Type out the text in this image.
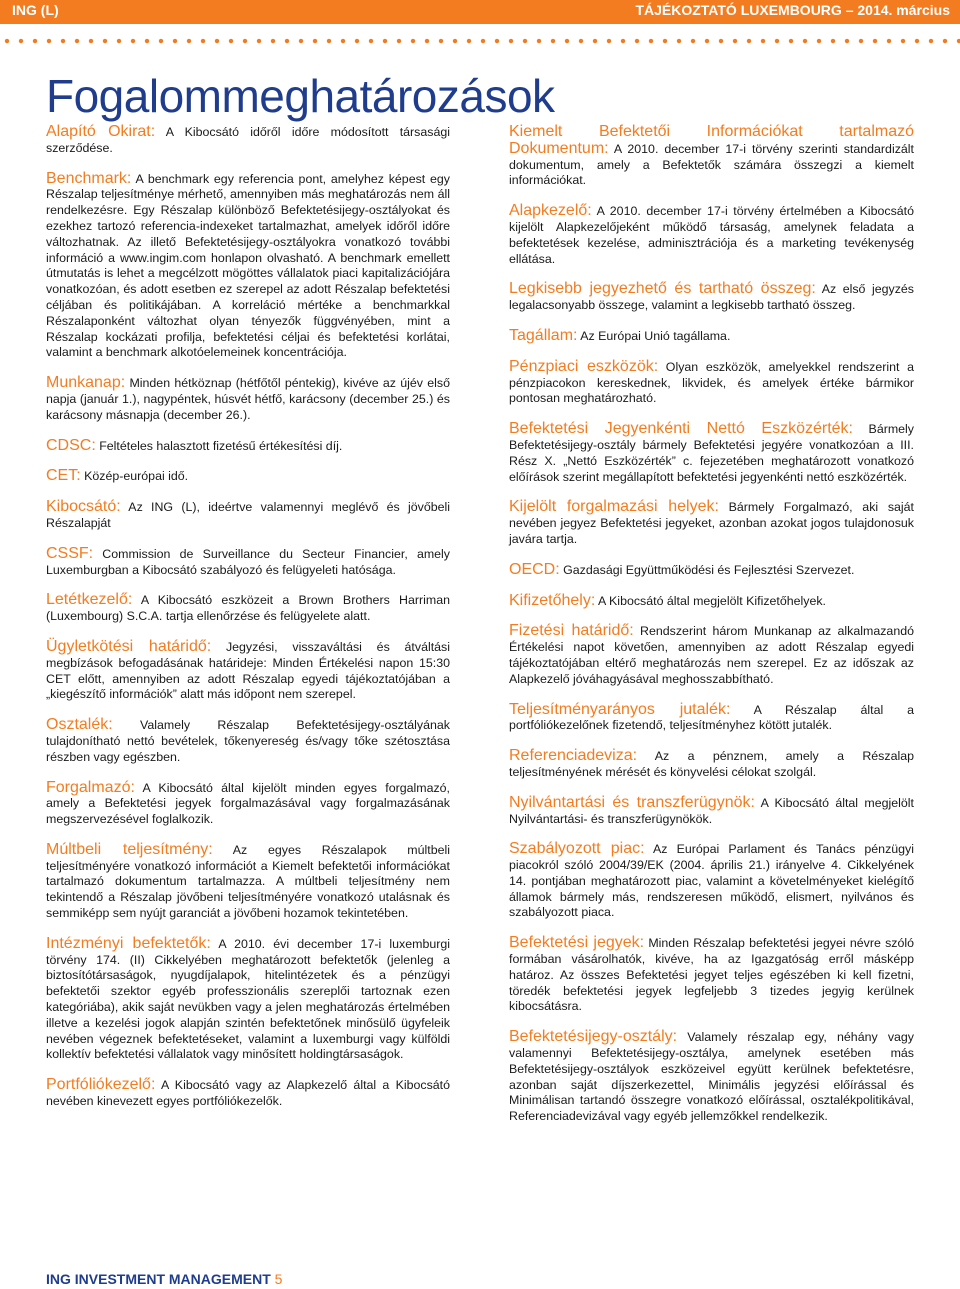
ING (L)	TÁJÉKOZTATÓ LUXEMBOURG – 2014. március
Fogalommeghatározások

Alapító Okirat: A Kibocsátó időről időre módosított társasági szerződése.

Benchmark: A benchmark egy referencia pont, amelyhez képest egy Részalap teljesítménye mérhető, amennyiben más meghatározás nem áll rendelkezésre. Egy Részalap különböző Befektetésijegy-osztályokat és ezekhez tartozó referencia-indexeket tartalmazhat, amelyek időről időre változhatnak. Az illető Befektetésijegy-osztályokra vonatkozó további információ a www.ingim.com honlapon olvasható. A benchmark emellett útmutatás is lehet a megcélzott mögöttes vállalatok piaci kapitalizációjára vonatkozóan, és adott esetben ez szerepel az adott Részalap befektetési céljában és politikájában. A korreláció mértéke a benchmarkkal Részalaponként változhat olyan tényezők függvényében, mint a Részalap kockázati profilja, befektetési céljai és befektetési korlátai, valamint a benchmark alkotóelemeinek koncentrációja.

Munkanap: Minden hétköznap (hétfőtől péntekig), kivéve az újév első napja (január 1.), nagypéntek, húsvét hétfő, karácsony (december 25.) és karácsony másnapja (december 26.).

CDSC: Feltételes halasztott fizetésű értékesítési díj.

CET: Közép-európai idő.

Kibocsátó: Az ING (L), ideértve valamennyi meglévő és jövőbeli Részalapját

CSSF: Commission de Surveillance du Secteur Financier, amely Luxemburgban a Kibocsátó szabályozó és felügyeleti hatósága.

Letétkezelő: A Kibocsátó eszközeit a Brown Brothers Harriman (Luxembourg) S.C.A. tartja ellenőrzése és felügyelete alatt.

Ügyletkötési határidő: Jegyzési, visszaváltási és átváltási megbízások befogadásának határideje: Minden Értékelési napon 15:30 CET előtt, amennyiben az adott Részalap egyedi tájékoztatójában a „kiegészítő információk” alatt más időpont nem szerepel.

Osztalék: Valamely Részalap Befektetésijegy-osztályának tulajdonítható nettó bevételek, tőkenyereség és/vagy tőke szétosztása részben vagy egészben.

Forgalmazó: A Kibocsátó által kijelölt minden egyes forgalmazó, amely a Befektetési jegyek forgalmazásával vagy forgalmazásának megszervezésével foglalkozik.

Múltbeli teljesítmény: Az egyes Részalapok múltbeli teljesítményére vonatkozó információt a Kiemelt befektetői információkat tartalmazó dokumentum tartalmazza. A múltbeli teljesítmény nem tekintendő a Részalap jövőbeni teljesítményére vonatkozó utalásnak és semmiképp sem nyújt garanciát a jövőbeni hozamok tekintetében.

Intézményi befektetők: A 2010. évi december 17-i luxemburgi törvény 174. (II) Cikkelyében meghatározott befektetők (jelenleg a biztosítótársaságok, nyugdíjalapok, hitelintézetek és a pénzügyi befektetői szektor egyéb professzionális szereplői tartoznak ezen kategóriába), akik saját nevükben vagy a jelen meghatározás értelmében illetve a kezelési jogok alapján szintén befektetőnek minősülő ügyfeleik nevében végeznek befektetéseket, valamint a luxemburgi vagy külföldi kollektív befektetési vállalatok vagy minősített holdingtársaságok.

Portfóliókezelő: A Kibocsátó vagy az Alapkezelő által a Kibocsátó nevében kinevezett egyes portfóliókezelők.

Kiemelt Befektetői Információkat tartalmazó Dokumentum: A 2010. december 17-i törvény szerinti standardizált dokumentum, amely a Befektetők számára összegzi a kiemelt információkat.

Alapkezelő: A 2010. december 17-i törvény értelmében a Kibocsátó kijelölt Alapkezelőjeként működő társaság, amelynek feladata a befektetések kezelése, adminisztrációja és a marketing tevékenység ellátása.

Legkisebb jegyezhető és tartható összeg: Az első jegyzés legalacsonyabb összege, valamint a legkisebb tartható összeg.

Tagállam: Az Európai Unió tagállama.

Pénzpiaci eszközök: Olyan eszközök, amelyekkel rendszerint a pénzpiacokon kereskednek, likvidek, és amelyek értéke bármikor pontosan meghatározható.

Befektetési Jegyenkénti Nettó Eszközérték: Bármely Befektetésijegy-osztály bármely Befektetési jegyére vonatkozóan a III. Rész X. „Nettó Eszközérték” c. fejezetében meghatározott vonatkozó előírások szerint megállapított befektetési jegyenkénti nettó eszközérték.

Kijelölt forgalmazási helyek: Bármely Forgalmazó, aki saját nevében jegyez Befektetési jegyeket, azonban azokat jogos tulajdonosuk javára tartja.

OECD: Gazdasági Együttműködési és Fejlesztési Szervezet.

Kifizetőhely: A Kibocsátó által megjelölt Kifizetőhelyek.

Fizetési határidő: Rendszerint három Munkanap az alkalmazandó Értékelési napot követően, amennyiben az adott Részalap egyedi tájékoztatójában eltérő meghatározás nem szerepel. Ez az időszak az Alapkezelő jóváhagyásával meghosszabbítható.

Teljesítményarányos jutalék: A Részalap által a portfóliókezelőnek fizetendő, teljesítményhez kötött jutalék.

Referenciadeviza: Az a pénznem, amely a Részalap teljesítményének mérését és könyvelési célokat szolgál.

Nyilvántartási és transzferügynök: A Kibocsátó által megjelölt Nyilvántartási- és transzferügynökök.

Szabályozott piac: Az Európai Parlament és Tanács pénzügyi piacokról szóló 2004/39/EK (2004. április 21.) irányelve 4. Cikkelyének 14. pontjában meghatározott piac, valamint a követelményeket kielégítő államok bármely más, rendszeresen működő, elismert, nyilvános és szabályozott piaca.

Befektetési jegyek: Minden Részalap befektetési jegyei névre szóló formában vásárolhatók, kivéve, ha az Igazgatóság erről másképp határoz. Az összes Befektetési jegyet teljes egészében ki kell fizetni, töredék befektetési jegyek legfeljebb 3 tizedes jegyig kerülnek kibocsátásra.

Befektetésijegy-osztály: Valamely részalap egy, néhány vagy valamennyi Befektetésijegy-osztálya, amelynek esetében más Befektetésijegy-osztályok eszközeivel együtt kerülnek befektetésre, azonban saját díjszerkezettel, Minimális jegyzési előírással és Minimálisan tartandó összegre vonatkozó előírással, osztalékpolitikával, Referenciadevizával vagy egyéb jellemzőkkel rendelkezik.

ING INVESTMENT MANAGEMENT 5
